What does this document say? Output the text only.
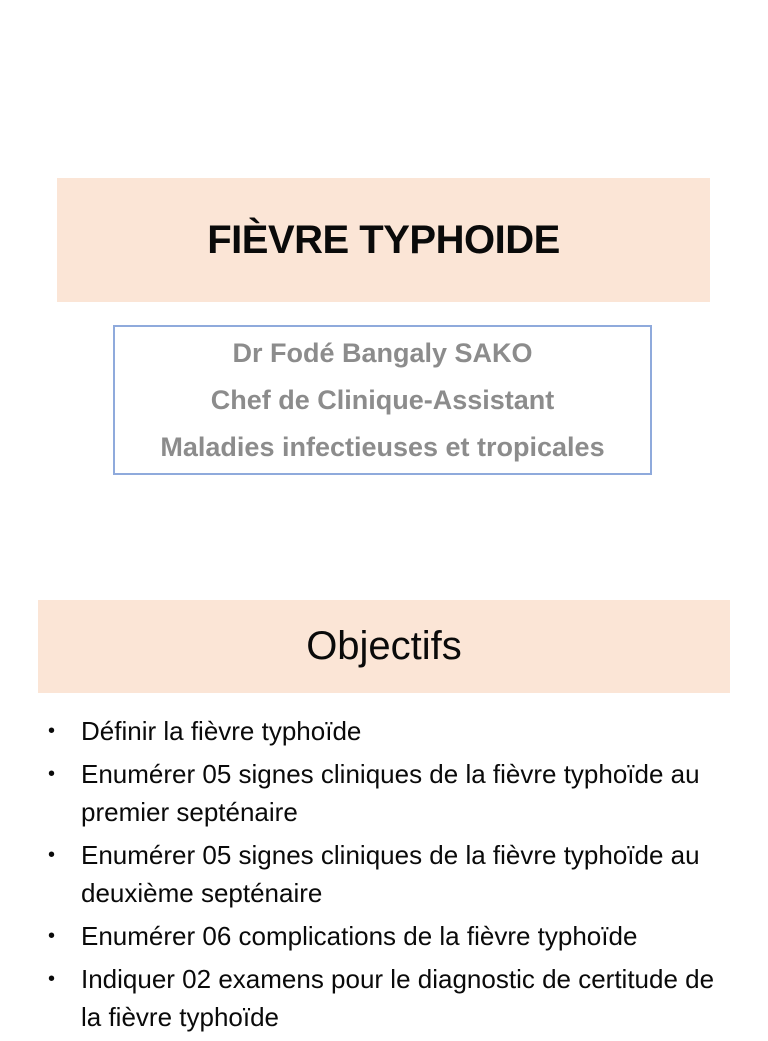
FIÈVRE TYPHOIDE

Dr Fodé Bangaly SAKO

Chef de Clinique-Assistant

Maladies infectieuses et tropicales

Objectifs
• Définir la fièvre typhoïde
• Enumérer 05 signes cliniques de la fièvre typhoïde au premier septénaire
• Enumérer 05 signes cliniques de la fièvre typhoïde au deuxième septénaire
• Enumérer 06 complications de la fièvre typhoïde
• Indiquer 02 examens pour le diagnostic de certitude de la fièvre typhoïde
